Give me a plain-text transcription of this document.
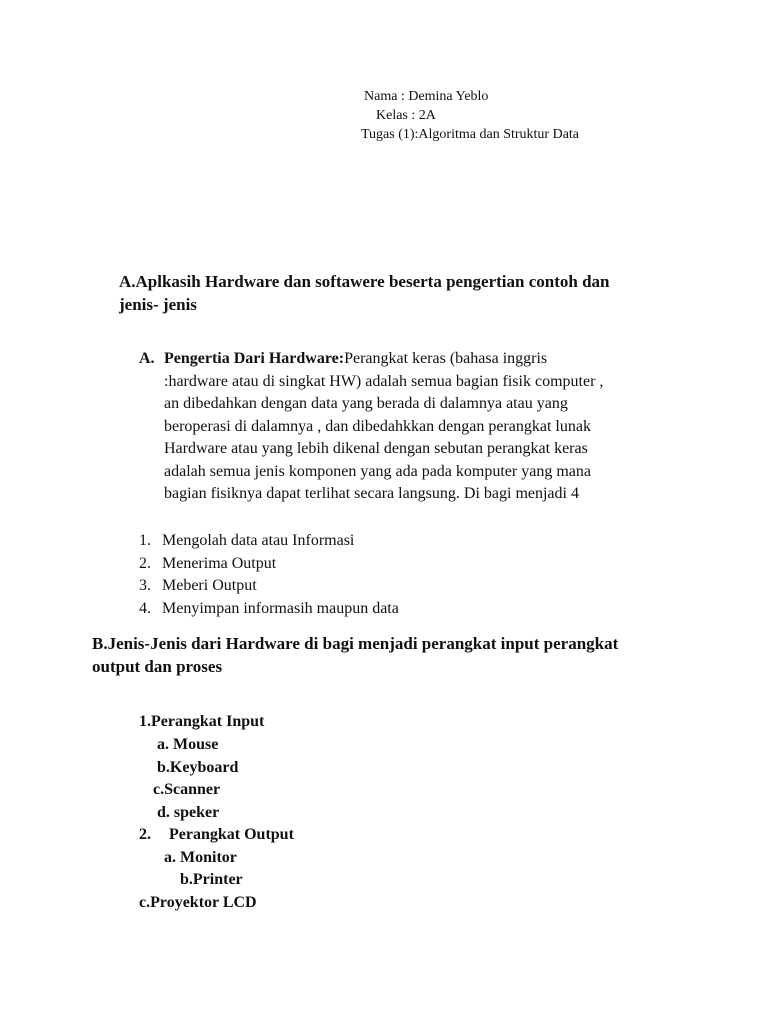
Nama : Demina Yeblo
Kelas : 2A
Tugas (1):Algoritma dan Struktur Data
A.Aplkasih Hardware dan softawere beserta pengertian contoh dan
jenis- jenis
A. Pengertia Dari Hardware:Perangkat keras (bahasa inggris
:hardware atau di singkat HW) adalah semua bagian fisik computer ,
an dibedahkan dengan data yang berada di dalamnya atau yang
beroperasi di dalamnya , dan dibedahkkan dengan perangkat lunak
Hardware atau yang lebih dikenal dengan sebutan perangkat keras
adalah semua jenis komponen yang ada pada komputer yang mana
bagian fisiknya dapat terlihat secara langsung. Di bagi menjadi 4
1. Mengolah data atau Informasi
2. Menerima Output
3. Meberi Output
4. Menyimpan informasih maupun data
B.Jenis-Jenis dari Hardware di bagi menjadi perangkat input perangkat
output dan proses
1.Perangkat Input
a. Mouse
b.Keyboard
c.Scanner
d. speker
2. Perangkat Output
a. Monitor
b.Printer
c.Proyektor LCD
